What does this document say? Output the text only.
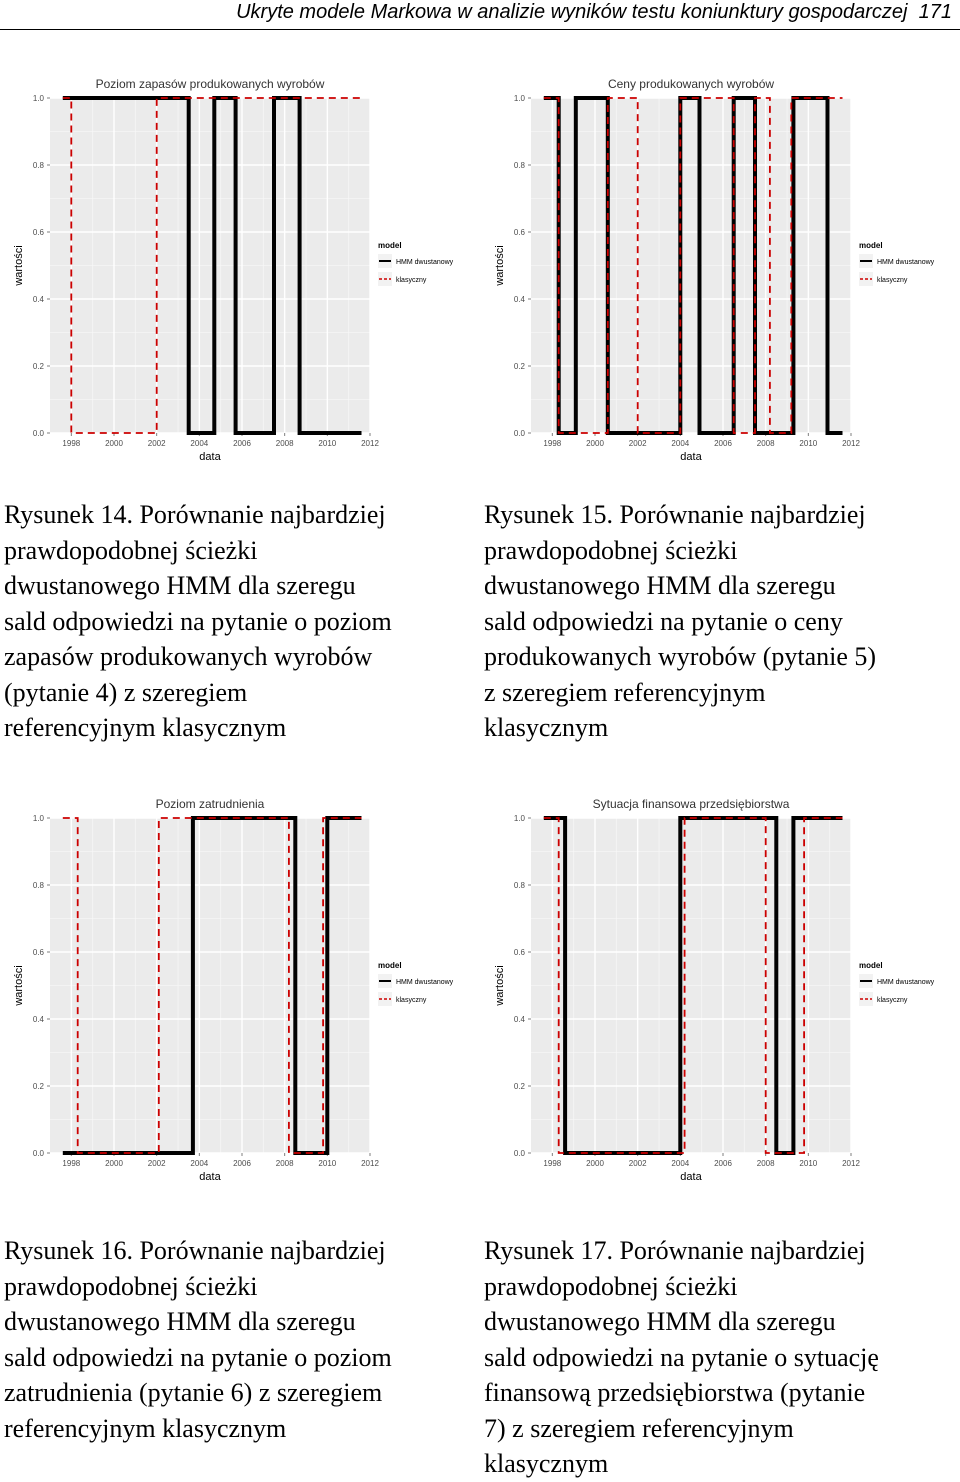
Ukryte modele Markowa w analizie wyników testu koniunktury gospodarczej 171
0.0
0.2
0.4
0.6
0.8
1.0
1998	2000	2002	2004	2006	2008	2010	2012
Poziom zapasów produkowanych wyrobów
data
wartości	model
HMM dwustanowy
klasyczny
0.0
0.2
0.4
0.6
0.8
1.0
1998	2000	2002	2004	2006	2008	2010	2012
Ceny produkowanych wyrobów
data
wartości	model
HMM dwustanowy
klasyczny
0.0
0.2
0.4
0.6
0.8
1.0
1998	2000	2002	2004	2006	2008	2010	2012
Poziom zatrudnienia
data
wartości	model
HMM dwustanowy
klasyczny
0.0
0.2
0.4
0.6
0.8
1.0
1998	2000	2002	2004	2006	2008	2010	2012
Sytuacja finansowa przedsiębiorstwa
data
wartości	model
HMM dwustanowy
klasyczny
Rysunek 14. Porównanie najbardziej
prawdopodobnej ścieżki
dwustanowego HMM dla szeregu
sald odpowiedzi na pytanie o poziom
zapasów produkowanych wyrobów
(pytanie 4) z szeregiem
referencyjnym klasycznym
Rysunek 15. Porównanie najbardziej
prawdopodobnej ścieżki
dwustanowego HMM dla szeregu
sald odpowiedzi na pytanie o ceny
produkowanych wyrobów (pytanie 5)
z szeregiem referencyjnym
klasycznym
Rysunek 16. Porównanie najbardziej
prawdopodobnej ścieżki
dwustanowego HMM dla szeregu
sald odpowiedzi na pytanie o poziom
zatrudnienia (pytanie 6) z szeregiem
referencyjnym klasycznym
Rysunek 17. Porównanie najbardziej
prawdopodobnej ścieżki
dwustanowego HMM dla szeregu
sald odpowiedzi na pytanie o sytuację
finansową przedsiębiorstwa (pytanie
7) z szeregiem referencyjnym
klasycznym
